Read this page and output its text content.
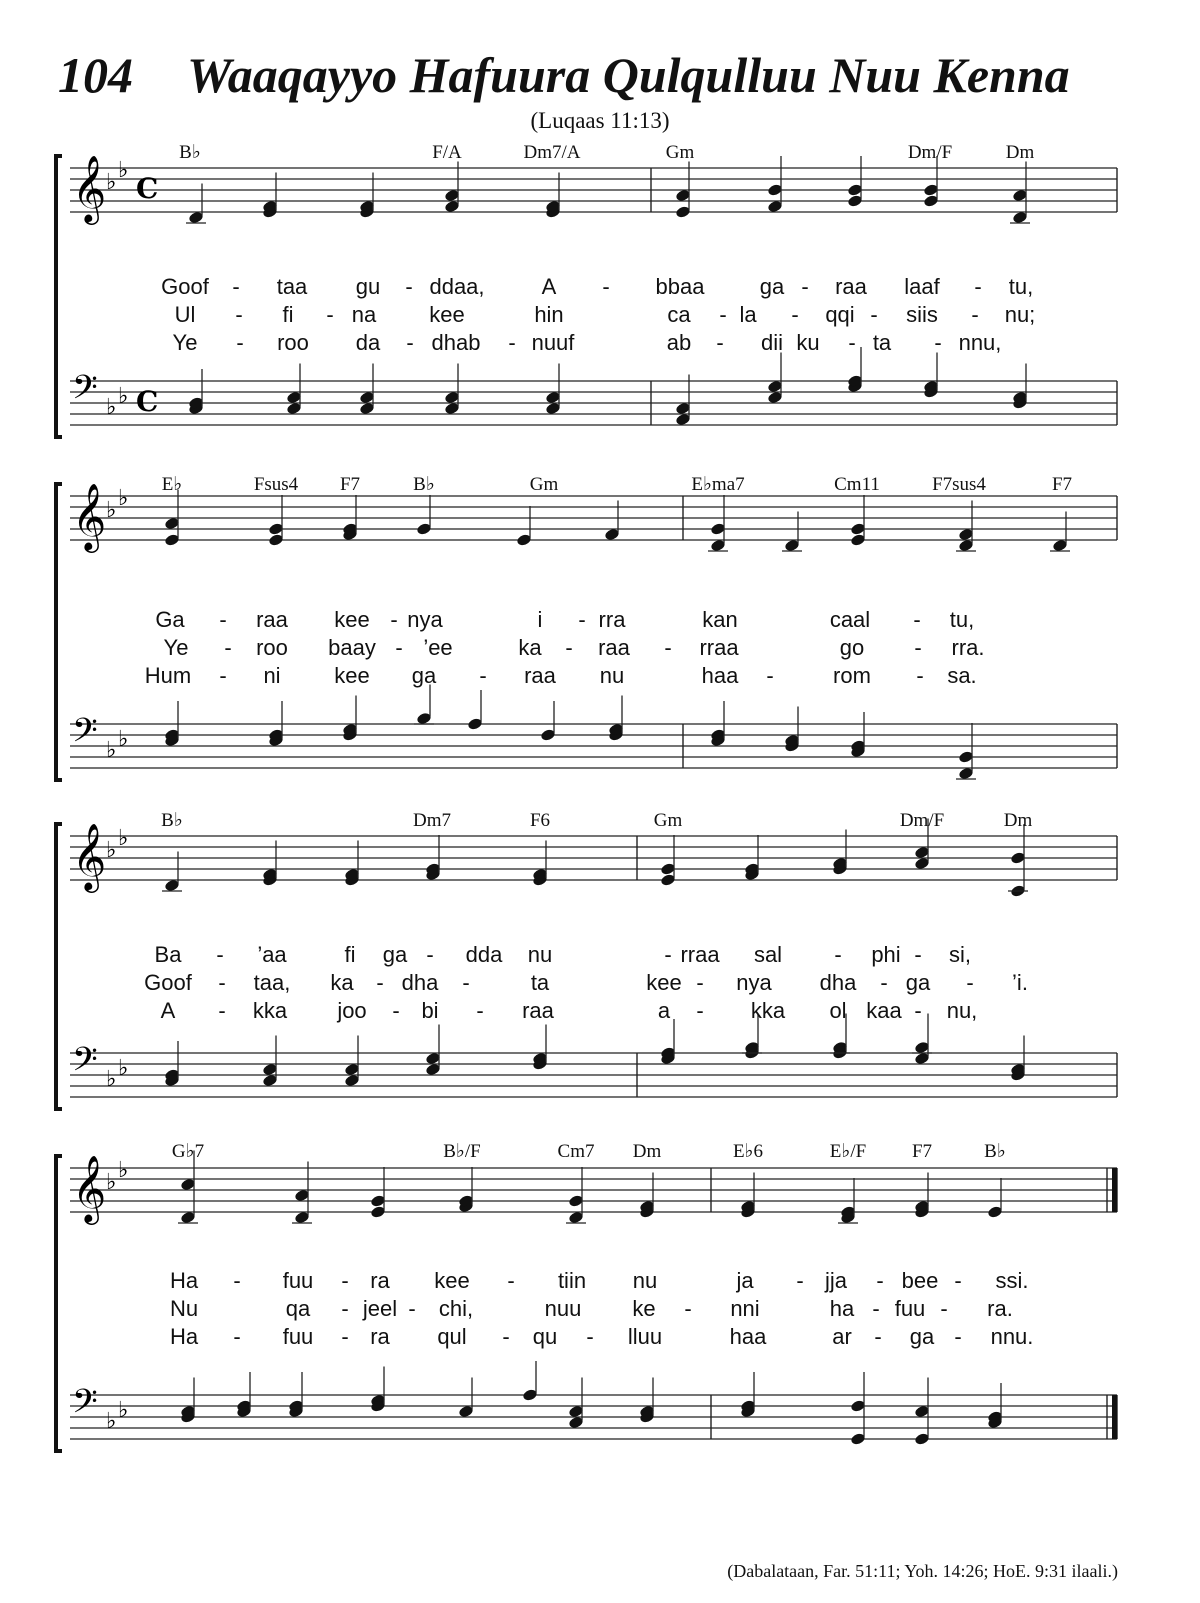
104 Waaqayyo Hafuura Qulqulluu Nuu Kenna
(Luqaas 11:13)
𝄞 ♭ ♭
C
𝄢 ♭ ♭ C
B♭	F/A	Dm7/A	Gm	Dm/F	Dm
Goof - taa gu - ddaa,	A - bbaa	ga - raa laaf - tu,
Ul - fi - na kee	hin	ca - la - qqi - siis - nu;
Ye - roo da - dhab - nuuf	ab - dii ku - ta - nnu,
𝄞 ♭ ♭
𝄢 ♭ ♭
E♭	Fsus4 F7	B♭	Gm	E♭ma7	Cm11	F7sus4	F7
Ga - raa kee - nya	i - rra	kan	caal - tu,
Ye - roo baay - ’ee	ka - raa - rraa	go - rra.
Hum - ni kee ga - raa nu	haa -	rom - sa.
𝄞 ♭ ♭
𝄢 ♭ ♭
B♭	Dm7	F6	Gm	Dm/F	Dm
Ba - ’aa	fi ga - dda nu	- rraa sal - phi - si,
Goof - taa, ka - dha -	ta	kee - nya dha - ga - ’i.
A - kka joo - bi - raa	a - kka ol kaa - nu,
𝄞 ♭ ♭
𝄢 ♭ ♭
G♭7	B♭/F	Cm7 Dm	E♭6	E♭/F F7	B♭
Ha - fuu - ra kee - tiin nu	ja - jja - bee - ssi.
Nu	qa - jeel - chi,	nuu ke - nni	ha - fuu - ra.
Ha - fuu - ra qul - qu - lluu	haa	ar - ga - nnu.
(Dabalataan, Far. 51:11; Yoh. 14:26; HoE. 9:31 ilaali.)
